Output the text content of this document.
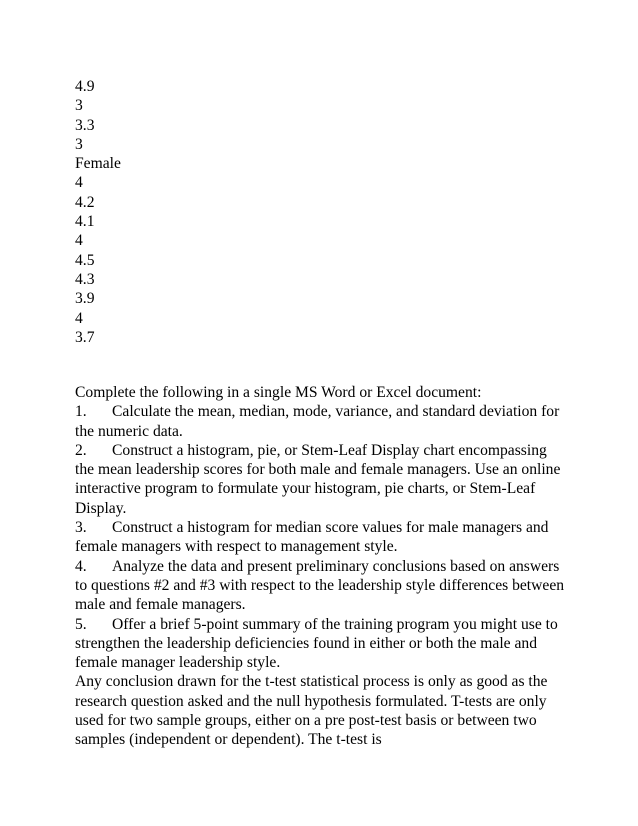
4.9
3
3.3
3
Female
4
4.2
4.1
4
4.5
4.3
3.9
4
3.7

Complete the following in a single MS Word or Excel document:

1. Calculate the mean, median, mode, variance, and standard deviation for the numeric data.

2. Construct a histogram, pie, or Stem-Leaf Display chart encompassing the mean leadership scores for both male and female managers. Use an online interactive program to formulate your histogram, pie charts, or Stem-Leaf Display.

3. Construct a histogram for median score values for male managers and female managers with respect to management style.

4. Analyze the data and present preliminary conclusions based on answers to questions #2 and #3 with respect to the leadership style differences between male and female managers.

5. Offer a brief 5-point summary of the training program you might use to strengthen the leadership deficiencies found in either or both the male and female manager leadership style.

Any conclusion drawn for the t-test statistical process is only as good as the research question asked and the null hypothesis formulated. T-tests are only used for two sample groups, either on a pre post-test basis or between two samples (independent or dependent). The t-test is
